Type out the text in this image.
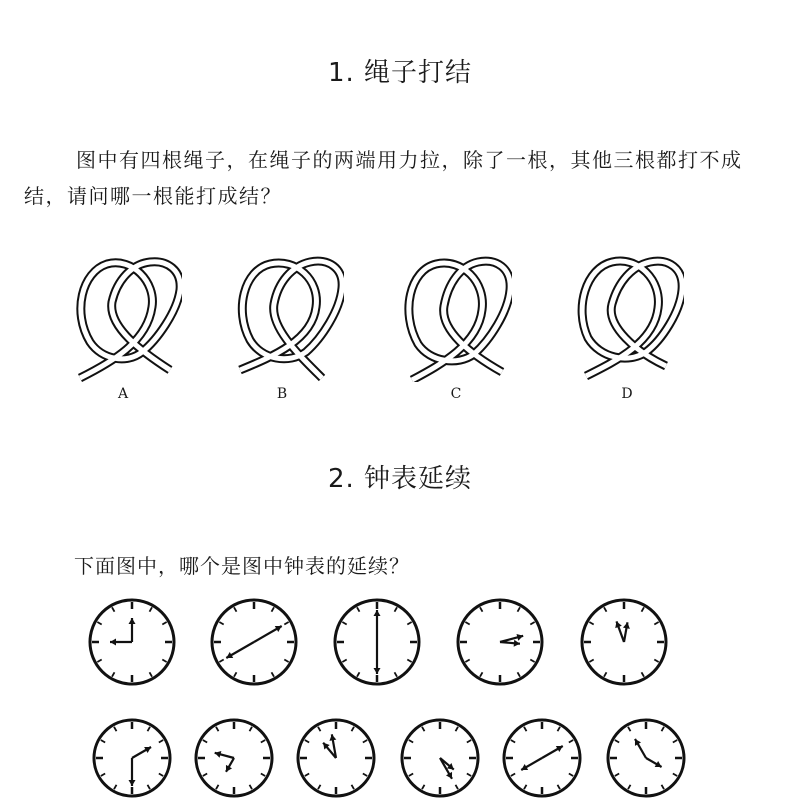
1. 绳子打结

图中有四根绳子，在绳子的两端用力拉，除了一根，其他三根都打不成结，请问哪一根能打成结？

A	B	C	D
2. 钟表延续

下面图中，哪个是图中钟表的延续？
